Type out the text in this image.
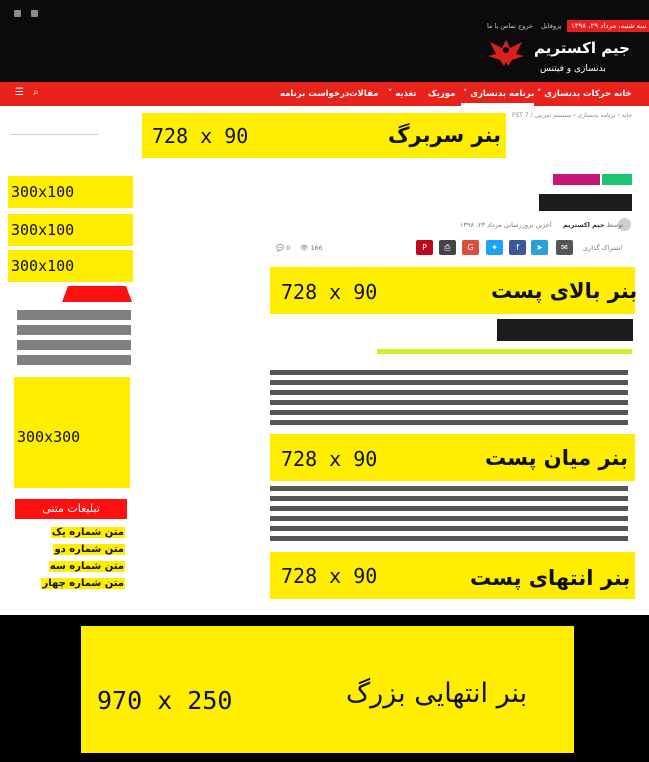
سه شنبه، مرداد ۲۹، ۱۳۹۸
پروفایل
خروج
تماس با ما
جیم اکستریم
بدنسازی و فیتنس
خانه
حرکات بدنسازی ˅
برنامه بدنسازی ˅
موزیک
تغذیه ˅
مقالات
درخواست برنامه
⌕
☰
خانه ‹ برنامه بدنسازی ‹ سیستم تمرینی / FST 7
728 x 90	بنر سربرگ
توسط جیم اکستریم
آخرین بروزرسانی مرداد ۲۳، ۱۳۹۸
اشتراک گذاری
✉
➤
f
✦
G
⎙
P
166 👁
0 💬
728 x 90	بنر بالای پست
728 x 90	بنر میان پست
728 x 90	بنر انتهای پست
300x100
300x100
300x100
300x300
تبلیغات متنی
متن شماره یک
متن شماره دو
متن شماره سه
متن شماره چهار
970 x 250	بنر انتهایی بزرگ
